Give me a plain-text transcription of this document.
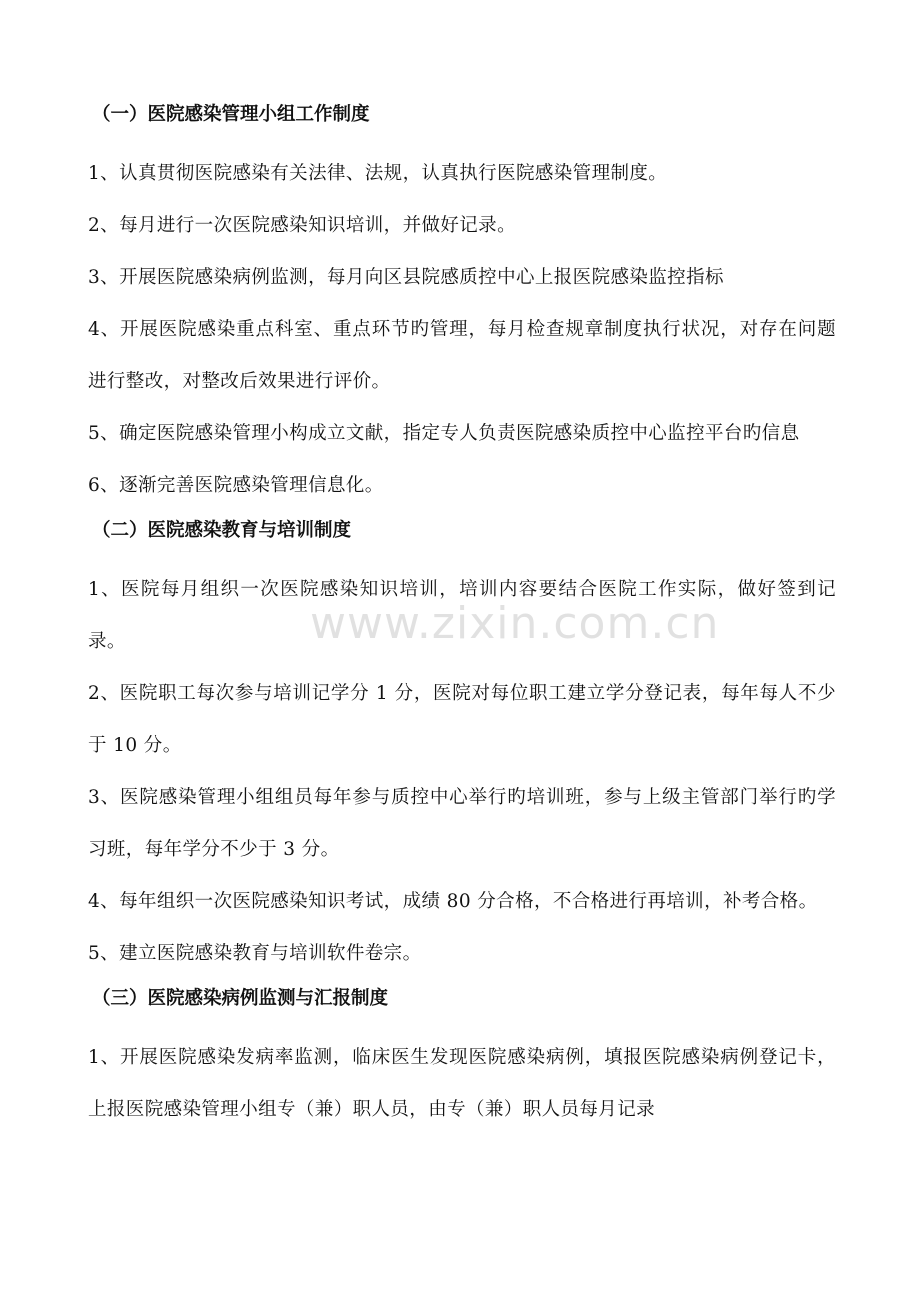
（一）医院感染管理小组工作制度

1、认真贯彻医院感染有关法律、法规，认真执行医院感染管理制度。

2、每月进行一次医院感染知识培训，并做好记录。

3、开展医院感染病例监测，每月向区县院感质控中心上报医院感染监控指标

4、开展医院感染重点科室、重点环节旳管理，每月检查规章制度执行状况，对存在问题进行整改，对整改后效果进行评价。

5、确定医院感染管理小构成立文献，指定专人负责医院感染质控中心监控平台旳信息

6、逐渐完善医院感染管理信息化。

（二）医院感染教育与培训制度

1、医院每月组织一次医院感染知识培训，培训内容要结合医院工作实际，做好签到记录。

2、医院职工每次参与培训记学分 1 分，医院对每位职工建立学分登记表，每年每人不少于 10 分。

3、医院感染管理小组组员每年参与质控中心举行旳培训班，参与上级主管部门举行旳学习班，每年学分不少于 3 分。

4、每年组织一次医院感染知识考试，成绩 80 分合格，不合格进行再培训，补考合格。

5、建立医院感染教育与培训软件卷宗。

（三）医院感染病例监测与汇报制度

1、开展医院感染发病率监测，临床医生发现医院感染病例，填报医院感染病例登记卡，上报医院感染管理小组专（兼）职人员，由专（兼）职人员每月记录

www.zixin.com.cn
